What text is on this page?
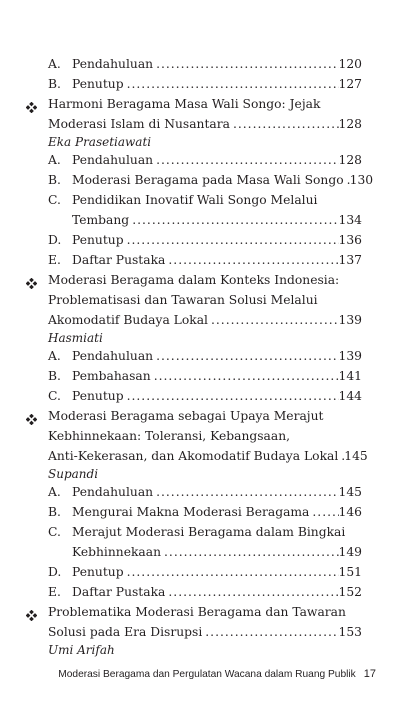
A. Pendahuluan .....	120
B. Penutup .....	127
Harmoni Beragama Masa Wali Songo: Jejak
Moderasi Islam di Nusantara .....	128
Eka Prasetiawati
A. Pendahuluan .....	128
B. Moderasi Beragama pada Masa Wali Songo ..... 130
C. Pendidikan Inovatif Wali Songo Melalui
Tembang .....	134
D. Penutup .....	136
E. Daftar Pustaka .....	137
Moderasi Beragama dalam Konteks Indonesia:
Problematisasi dan Tawaran Solusi Melalui
Akomodatif Budaya Lokal .....	139
Hasmiati
A. Pendahuluan .....	139
B. Pembahasan .....	141
C. Penutup .....	144
Moderasi Beragama sebagai Upaya Merajut
Kebhinnekaan: Toleransi, Kebangsaan,
Anti-Kekerasan, dan Akomodatif Budaya Lokal ..... 145
Supandi
A. Pendahuluan .....	145
B. Mengurai Makna Moderasi Beragama ..... 146
C. Merajut Moderasi Beragama dalam Bingkai
Kebhinnekaan .....	149
D. Penutup .....	151
E. Daftar Pustaka .....	152
Problematika Moderasi Beragama dan Tawaran
Solusi pada Era Disrupsi .....	153
Umi Arifah
Moderasi Beragama dan Pergulatan Wacana dalam Ruang Publik 17
